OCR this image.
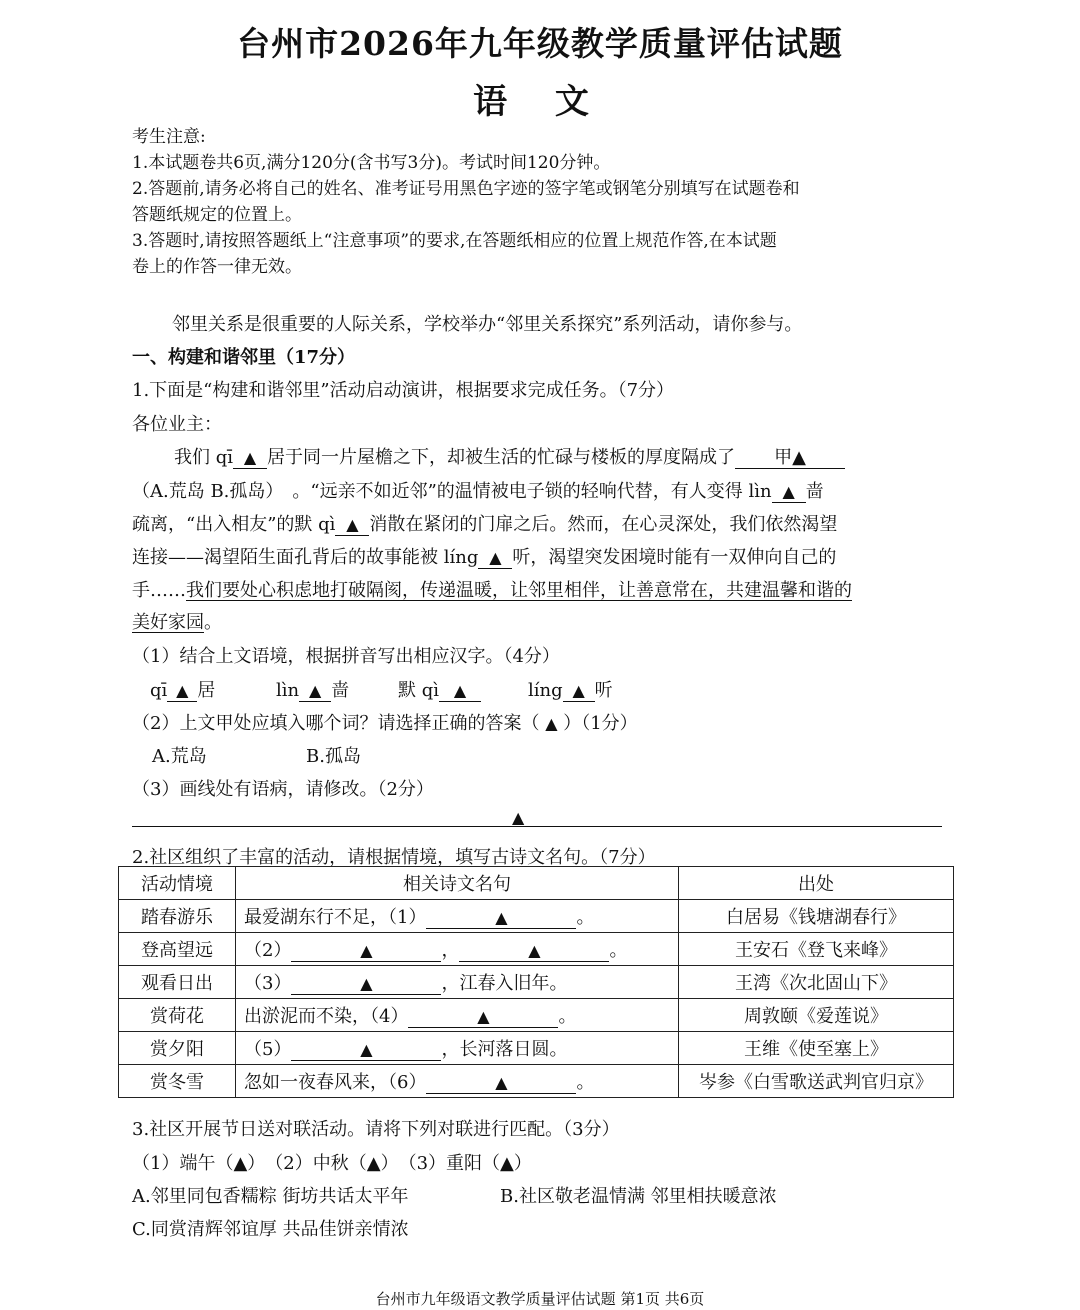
台州市2026年九年级教学质量评估试题
语 文
考生注意:
1.本试题卷共6页,满分120分(含书写3分)。考试时间120分钟。
2.答题前,请务必将自己的姓名、准考证号用黑色字迹的签字笔或钢笔分别填写在试题卷和
答题纸规定的位置上。
3.答题时,请按照答题纸上“注意事项”的要求,在答题纸相应的位置上规范作答,在本试题
卷上的作答一律无效。
邻里关系是很重要的人际关系，学校举办“邻里关系探究”系列活动，请你参与。
一、构建和谐邻里（17分）
1.下面是“构建和谐邻里”活动启动演讲，根据要求完成任务。（7分）
各位业主：
我们 qī ▲ 居于同一片屋檐之下，却被生活的忙碌与楼板的厚度隔成了 甲▲
（A.荒岛 B.孤岛）　。“远亲不如近邻”的温情被电子锁的轻响代替，有人变得 lìn ▲ 啬
疏离，“出入相友”的默 qì ▲ 消散在紧闭的门扉之后。然而，在心灵深处，我们依然渴望
连接——渴望陌生面孔背后的故事能被 líng ▲ 听，渴望突发困境时能有一双伸向自己的
手……我们要处心积虑地打破隔阂，传递温暖，让邻里相伴，让善意常在，共建温馨和谐的
美好家园。
（1）结合上文语境，根据拼音写出相应汉字。（4分）
qī ▲ 居	lìn ▲ 啬	默 qì ▲	líng ▲ 听
（2）上文甲处应填入哪个词？请选择正确的答案（ ▲ ）（1分）
A.荒岛	B.孤岛
（3）画线处有语病，请修改。（2分）
▲
2.社区组织了丰富的活动，请根据情境，填写古诗文名句。（7分）
活动情境	相关诗文名句	出处
踏春游乐	最爱湖东行不足，（1） ▲ 。	白居易《钱塘湖春行》
登高望远	（2） ▲ ， ▲ 。	王安石《登飞来峰》
观看日出	（3） ▲ ，江春入旧年。	王湾《次北固山下》
赏荷花	出淤泥而不染，（4） ▲ 。	周敦颐《爱莲说》
赏夕阳	（5） ▲ ，长河落日圆。	王维《使至塞上》
赏冬雪	忽如一夜春风来，（6） ▲ 。	岑参《白雪歌送武判官归京》
3.社区开展节日送对联活动。请将下列对联进行匹配。（3分）
（1）端午（▲）　（2）中秋（▲）　（3）重阳（▲）
A.邻里同包香糯粽 街坊共话太平年	B.社区敬老温情满 邻里相扶暖意浓
C.同赏清辉邻谊厚 共品佳饼亲情浓
台州市九年级语文教学质量评估试题 第1页 共6页
